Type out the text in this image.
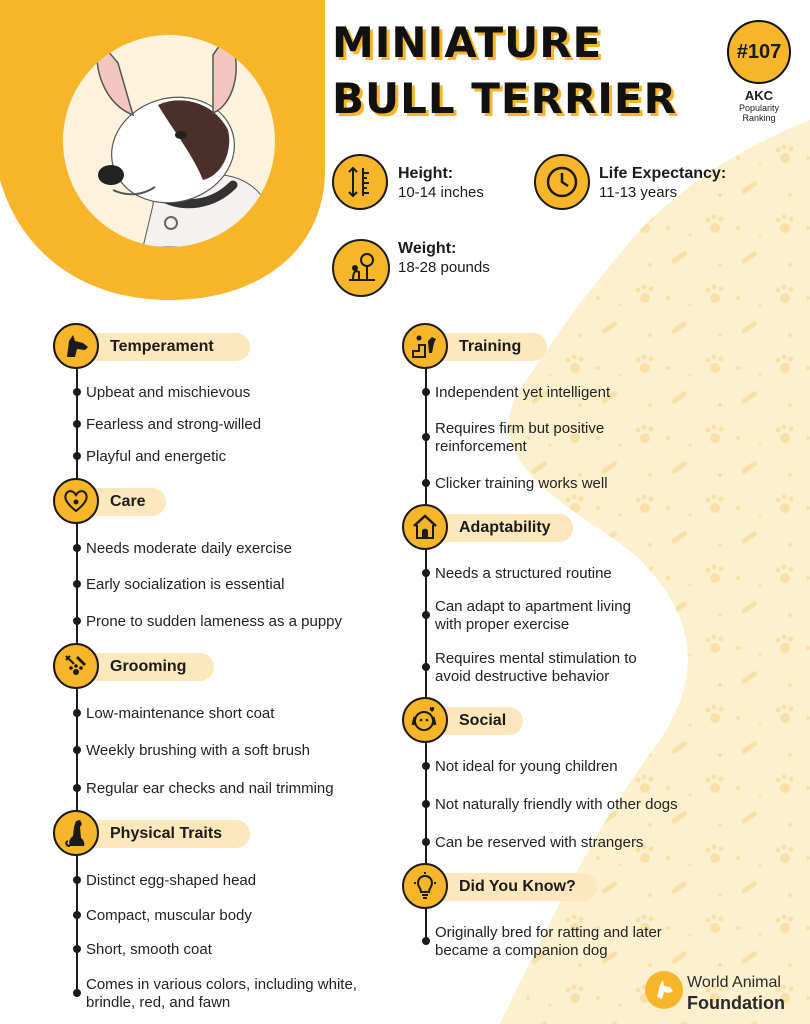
MINIATURE
BULL TERRIER
#107
AKC
Popularity
Ranking
Height:
10-14 inches
Life Expectancy:
11-13 years
Weight:
18-28 pounds
Temperament
Upbeat and mischievous
Fearless and strong-willed
Playful and energetic
Care
Needs moderate daily exercise
Early socialization is essential
Prone to sudden lameness as a puppy
Grooming
Low-maintenance short coat
Weekly brushing with a soft brush
Regular ear checks and nail trimming
Physical Traits
Distinct egg-shaped head
Compact, muscular body
Short, smooth coat
Comes in various colors, including white,
brindle, red, and fawn
Training
Independent yet intelligent
Requires firm but positive
reinforcement
Clicker training works well
Adaptability
Needs a structured routine
Can adapt to apartment living
with proper exercise
Requires mental stimulation to
avoid destructive behavior
Social
Not ideal for young children
Not naturally friendly with other dogs
Can be reserved with strangers
Did You Know?
Originally bred for ratting and later
became a companion dog
World Animal
Foundation
